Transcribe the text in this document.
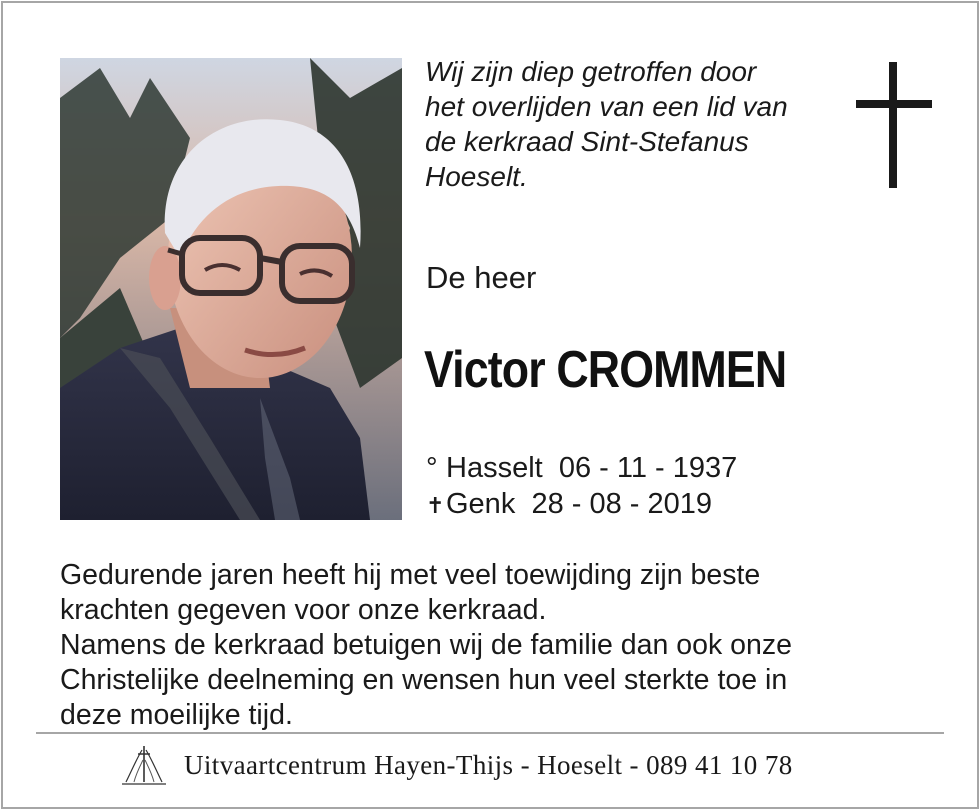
Wij zijn diep getroffen door
het overlijden van een lid van
de kerkraad Sint-Stefanus
Hoeselt.
De heer
Victor CROMMEN
° Hasselt
06 - 11 - 1937
✝ Genk
28 - 08 - 2019
Gedurende jaren heeft hij met veel toewijding zijn beste
krachten gegeven voor onze kerkraad.
Namens de kerkraad betuigen wij de familie dan ook onze
Christelijke deelneming en wensen hun veel sterkte toe in
deze moeilijke tijd.
Uitvaartcentrum Hayen-Thijs - Hoeselt - 089 41 10 78
